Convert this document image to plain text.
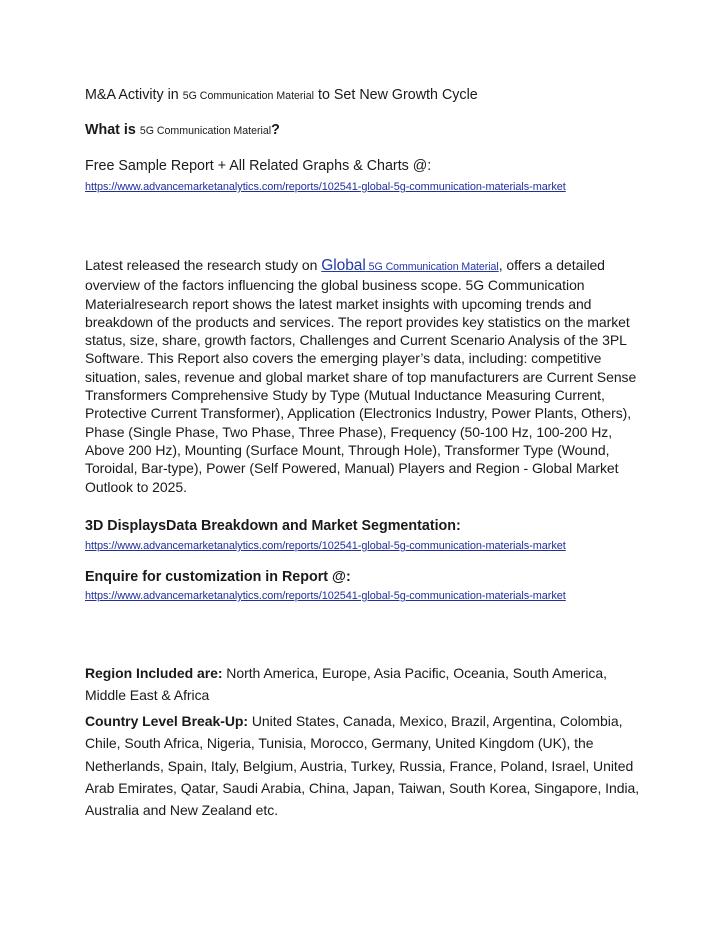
M&A Activity in 5G Communication Material to Set New Growth Cycle
What is 5G Communication Material?
Free Sample Report + All Related Graphs & Charts @:
https://www.advancemarketanalytics.com/reports/102541-global-5g-communication-materials-market
Latest released the research study on Global 5G Communication Material, offers a detailed overview of the factors influencing the global business scope. 5G Communication Materialresearch report shows the latest market insights with upcoming trends and breakdown of the products and services. The report provides key statistics on the market status, size, share, growth factors, Challenges and Current Scenario Analysis of the 3PL Software. This Report also covers the emerging player’s data, including: competitive situation, sales, revenue and global market share of top manufacturers are Current Sense Transformers Comprehensive Study by Type (Mutual Inductance Measuring Current, Protective Current Transformer), Application (Electronics Industry, Power Plants, Others), Phase (Single Phase, Two Phase, Three Phase), Frequency (50-100 Hz, 100-200 Hz, Above 200 Hz), Mounting (Surface Mount, Through Hole), Transformer Type (Wound, Toroidal, Bar-type), Power (Self Powered, Manual) Players and Region - Global Market Outlook to 2025.
3D DisplaysData Breakdown and Market Segmentation:
https://www.advancemarketanalytics.com/reports/102541-global-5g-communication-materials-market
Enquire for customization in Report @:
https://www.advancemarketanalytics.com/reports/102541-global-5g-communication-materials-market
Region Included are: North America, Europe, Asia Pacific, Oceania, South America, Middle East & Africa
Country Level Break-Up: United States, Canada, Mexico, Brazil, Argentina, Colombia, Chile, South Africa, Nigeria, Tunisia, Morocco, Germany, United Kingdom (UK), the Netherlands, Spain, Italy, Belgium, Austria, Turkey, Russia, France, Poland, Israel, United Arab Emirates, Qatar, Saudi Arabia, China, Japan, Taiwan, South Korea, Singapore, India, Australia and New Zealand etc.
